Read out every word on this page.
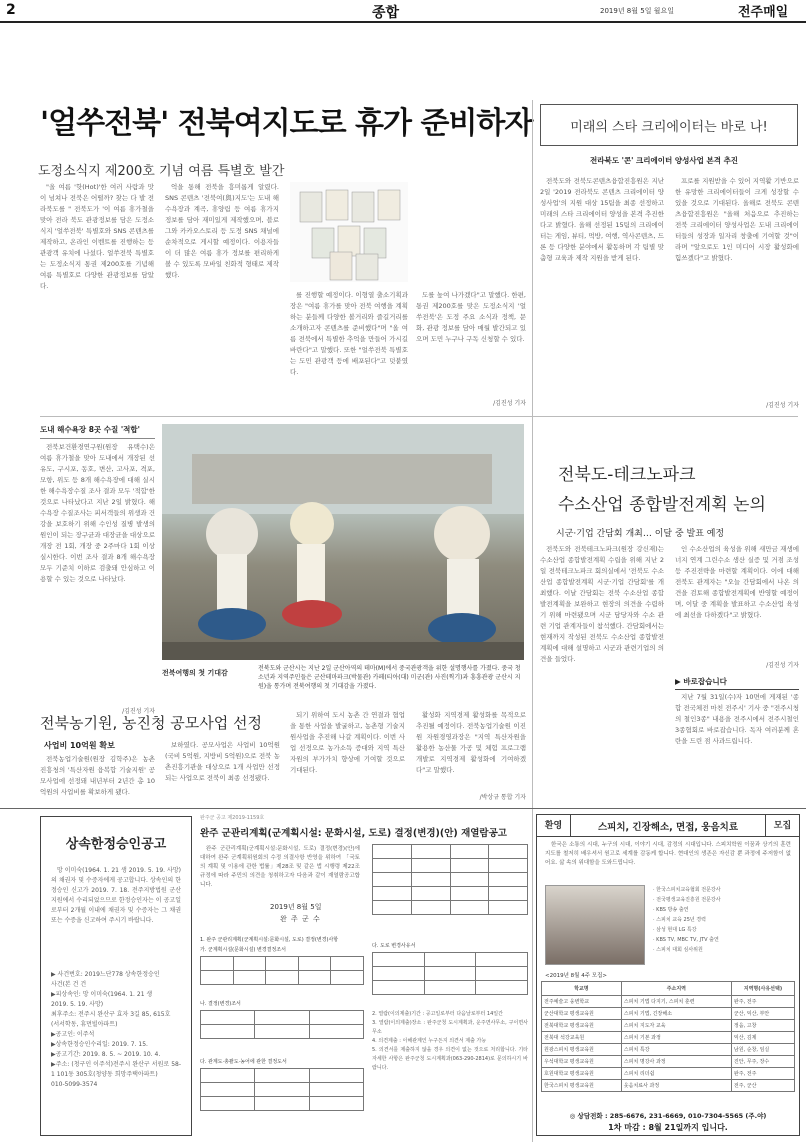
2	종합	2019년 8월 5일 월요일	전주매일
'얼쑤전북' 전북여지도로 휴가 준비하자
도정소식지 제200호 기념 여름 특별호 발간

"올 여름 '핫(Hot)'한 여러 사람과 맛 이 넘쳐나 전북은 어떨까? 찾는 다 발 전라북도를 " 전북도가 '이 여름 휴가철을 맞아 전라 북도 관광정보를 담은 도정소식지 '얼쑤전북' 특별호와 SNS 콘텐츠를 제작하고, 온라인 이벤트를 진행하는 등 관광객 유치에 나섰다. 얼쑤전북 특별호는 도정소식지 통권 제200호를 기념해 여름 특별호로 다양한 관광정보를 담았다.

억을 통해 전북을 흥미롭게 알렸다. SNS 콘텐츠 '전북여(與)지도'는 도내 해수욕장과 계곡, 휴양림 등 여름 휴가지 정보를 담아 재미있게 제작했으며, 블로그와 카카오스토리 등 도정 SNS 채널에 순차적으로 게시할 예정이다. 이용자들이 더 많은 여름 휴가 정보를 편리하게 볼 수 있도록 모바일 친화적 형태로 제작했다.

를 진행할 예정이다. 이형열 출소기획과장은 "여름 휴가를 맞아 전북 여행을 계획하는 분들께 다양한 볼거리와 즐길거리를 소개하고자 콘텐츠를 준비했다"며 "올 여름 전북에서 특별한 추억을 만들어 가시길 바란다"고 말했다. 또한 "얼쑤전북 특별호는 도민 관광객 등에 배포된다"고 덧붙였다.

도를 높여 나가겠다"고 말했다. 한편, 통권 제200호를 맞은 도정소식지 '얼쑤전북'은 도정 주요 소식과 정책, 문화, 관광 정보를 담아 매월 발간되고 있으며 도민 누구나 구독 신청할 수 있다.

/김진성 기자
미래의 스타 크리에이터는 바로 나!
전라북도 '콘' 크리에이터 양성사업 본격 추진

전북도와 전북도콘텐츠융합진흥원은 지난 2일 '2019 전라북도 콘텐츠 크리에이터 양성사업'의 지원 대상 15팀을 최종 선정하고 미래의 스타 크리에이터 양성을 본격 추진한다고 밝혔다. 올해 선정된 15팀의 크리에이터는 게임, 뷰티, 먹방, 여행, 역사콘텐츠, 드론 등 다양한 분야에서 활동하며 각 팀별 맞춤형 교육과 제작 지원을 받게 된다.

프로를 지원받을 수 있어 지역활 기반으로 한 유망한 크리에이터들이 크게 성장할 수 있을 것으로 기대된다. 올해로 전북도 콘텐츠융합진흥원은 "올해 처음으로 추진하는 전북 크리에이터 양성사업은 도내 크리에이터들의 성장과 일자리 창출에 기여할 것"이라며 "앞으로도 1인 미디어 시장 활성화에 힘쓰겠다"고 밝혔다.

/김진성 기자
도내 해수욕장 8곳 수질 '적합'

전북보건환경연구원(원장 유택수)은 여름 휴가철을 맞아 도내에서 개장된 선유도, 구시포, 동호, 변산, 고사포, 격포, 모항, 위도 등 8개 해수욕장에 대해 실시한 해수욕장수질 조사 결과 모두 '적합'한 것으로 나타났다고 지난 2일 밝혔다. 해수욕장 수질조사는 피서객들의 위생과 건강을 보호하기 위해 수인성 질병 발생의 원인이 되는 장구균과 대장균을 대상으로 개장 전 1회, 개장 중 2주마다 1회 이상 실시한다. 이번 조사 결과 8개 해수욕장 모두 기준치 이하로 검출돼 안심하고 이용할 수 있는 것으로 나타났다.

/김진성 기자
전북여행의 첫 기대감
전북도와 군산시는 지난 2일 군산아역의 테마(M)에서 중국관광객을 위한 설명행사를 가졌다. 중국 청소년과 지역주민들은 군산테마파크(박물관) 카페(티아(대) 미군(관) 사진(찍기)과 흥흥관광 군산시 지원)을 통가며 전북여행의 첫 기대감을 가졌다.
전북도-테크노파크
수소산업 종합발전계획 논의
시군·기업 간담회 개최… 이달 중 발표 예정

전북도와 전북테크노파크(원장 강신재)는 수소산업 종합발전계획 수립을 위해 지난 2일 전북테크노파크 회의실에서 '전북도 수소산업 종합발전계획 시군·기업 간담회'를 개최했다. 이날 간담회는 전북 수소산업 종합발전계획을 보완하고 현장의 의견을 수렴하기 위해 마련됐으며 시군 담당자와 수소 관련 기업 관계자들이 참석했다. 간담회에서는 현재까지 작성된 전북도 수소산업 종합발전계획에 대해 설명하고 시군과 관련기업의 의견을 들었다.

인 수소산업의 육성을 위해 새만금 재생에너지 연계 그린수소 생산 실증 및 거점 조성 등 주진전략을 마련할 계획이다. 이에 대해 전북도 관계자는 "오늘 간담회에서 나온 의견을 검토해 종합발전계획에 반영할 예정이며, 이달 중 계획을 발표하고 수소산업 육성에 최선을 다하겠다"고 밝혔다.

/김진성 기자
▶ 바로잡습니다

지난 7월 31일(수)자 10면에 게재된 '종합 전국체전 마친 전주시' 기사 중 "전주시청의 철인3종" 내용을 전주시에서 전주시철인3종협회로 바로잡습니다. 독자 여러분께 혼란을 드린 점 사과드립니다.

전북농기원, 농진청 공모사업 선정
사업비 10억원 확보

전북농업기술원(원장 김학주)은 농촌진흥청의 '특산자원 융복합 기술지원' 공모사업에 선정돼 내년부터 2년간 총 10억원의 사업비를 확보하게 됐다.

보하였다. 공모사업은 사업비 10억원(국비 5억원, 지방비 5억원)으로 전북 농촌진흥기관을 대상으로 1개 사업만 선정되는 사업으로 전북이 최종 선정됐다.

되기 위하여 도시 농촌 간 연결과 협업을 통한 사업을 발굴하고, 농촌형 기술지원사업을 추진해 나갈 계획이다. 이번 사업 선정으로 농가소득 증대와 지역 특산자원의 부가가치 향상에 기여할 것으로 기대된다.

활성화 지역경제 활성화를 목적으로 추진될 예정이다. 전북농업기술원 이진원 자원경영과장은 "지역 특산자원을 활용한 농산물 가공 및 체험 프로그램 개발로 지역경제 활성화에 기여하겠다"고 말했다.

/박상규 통합 기자
상속한정승인공고

망 이미숙(1964. 1. 21 생 2019. 5. 19. 사망)의 채권자 및 수증자에게 공고합니다. 상속인의 한정승인 신고가 2019. 7. 18. 전주지방법원 군산지원에서 수리되었으므로 한정승인자는 이 공고일로부터 2개월 이내에 채권자 및 수증자는 그 채권 또는 수증을 신고하여 주시기 바랍니다.

▶ 사건번호: 2019느단778 상속한정승인
사건(본 건 건
▶피상속인: 망 이미숙(1964. 1. 21 생
2019. 5. 19. 사망)
최후주소: 전주시 완산구 효자 3길 85, 615호
(서서학동, 휴먼빌아파트)
▶공고인: 이주석
▶상속한정승인수리일: 2019. 7. 15.
▶공고기간: 2019. 8. 5. ~ 2019. 10. 4.
▶주소: (청구인 이주석)전주시 완산구 서원로 58-1 101동 305호(청양동 희망주택아파트)
010-5099-3574
완주군 공고 제2019-1159호
완주 군관리계획(군계획시설: 문화시설, 도로) 결정(변경)(안) 재열람공고

완주 군관리계획(군계획시설:문화시설, 도로) 결정(변경)(안)에 대하여 완주 군계획위원회의 수정 의결사항 반영을 위하여 「국토의 계획 및 이용에 관한 법률」제28조 및 같은 법 시행령 제22조 규정에 따라 주민의 의견을 청취하고자 다음과 같이 재열람공고합니다.

2019년 8월 5일
완 주 군 수
1. 완주 군관리계획(군계획시설:문화시설, 도로) 결정(변경)사항
가. 군계획시설(문화시설) 변경결정조서

나. 결정(변경)조서

다. 관계도·총괄도·농어에 관한 결정도서

다. 도로 변경사유서

2. 열람(이의제출)기간 : 공고일로부터 다음날로부터 14일간
3. 열람(이의제출)장소 : 완주군청 도시계획과, 운주면사무소, 구이면사무소
4. 의견제출 : 이해관계인 누구든지 의견서 제출 가능
5. 의견서를 제출하지 않을 경우 의견이 없는 것으로 처리합니다. 기타 자세한 사항은 완주군청 도시계획과(063-290-2814)로 문의하시기 바랍니다.
환영	스피치, 긴장해소, 면접, 웅음치료	모집

한국은 소통의 시대, 누구의 시대, 이야기 시대, 감정의 시대입니다. 스피치학원 이꿈과 상기의 훈련지도를 철저히 배우셔서 원고로 세계를 감동케 합니다. 현대인의 생존은 자신감 뿐 과정에 주저함이 없어요. 삶 속의 위대함을 도와드립니다.

· 한국스피치교육협회 전문강사
· 전국평생교육진흥원 전문강사
· KBS 방송 출연
· 스피치 교육 25년 경력
· 삼성 현대 LG 특강
· KBS TV, MBC TV, JTV 출연
· 스피치 대회 심사위원
<2019년 8월 4주 모집>
학교명	주소지역	지역명(사유선택)
전주예술고 웅변학교	스피치 기법 다지기, 스피치 훈련	완주, 전주
군산대학교 평생교육원	스피치 기법, 긴장해소	군산, 익산, 부안
전북대학교 평생교육원	스피치 지도자 교육	정읍, 고창
전북대 석강교육원	스피치 기본 과정	익산, 김제
원광스피치 평생교육원	스피치 특강	남원, 순창, 임실
우석대학교 평생교육원	스피치 명강사 과정	진안, 무주, 장수
호원대학교 평생교육원	스피치 리더쉽	완주, 전주
한국스피치 평생교육원	웃음치료사 과정	전주, 군산
◎ 상담전화 : 285-6676, 231-6669, 010-7304-5565 (주.야)
1차 마감 : 8월 21일까지 입니다.
